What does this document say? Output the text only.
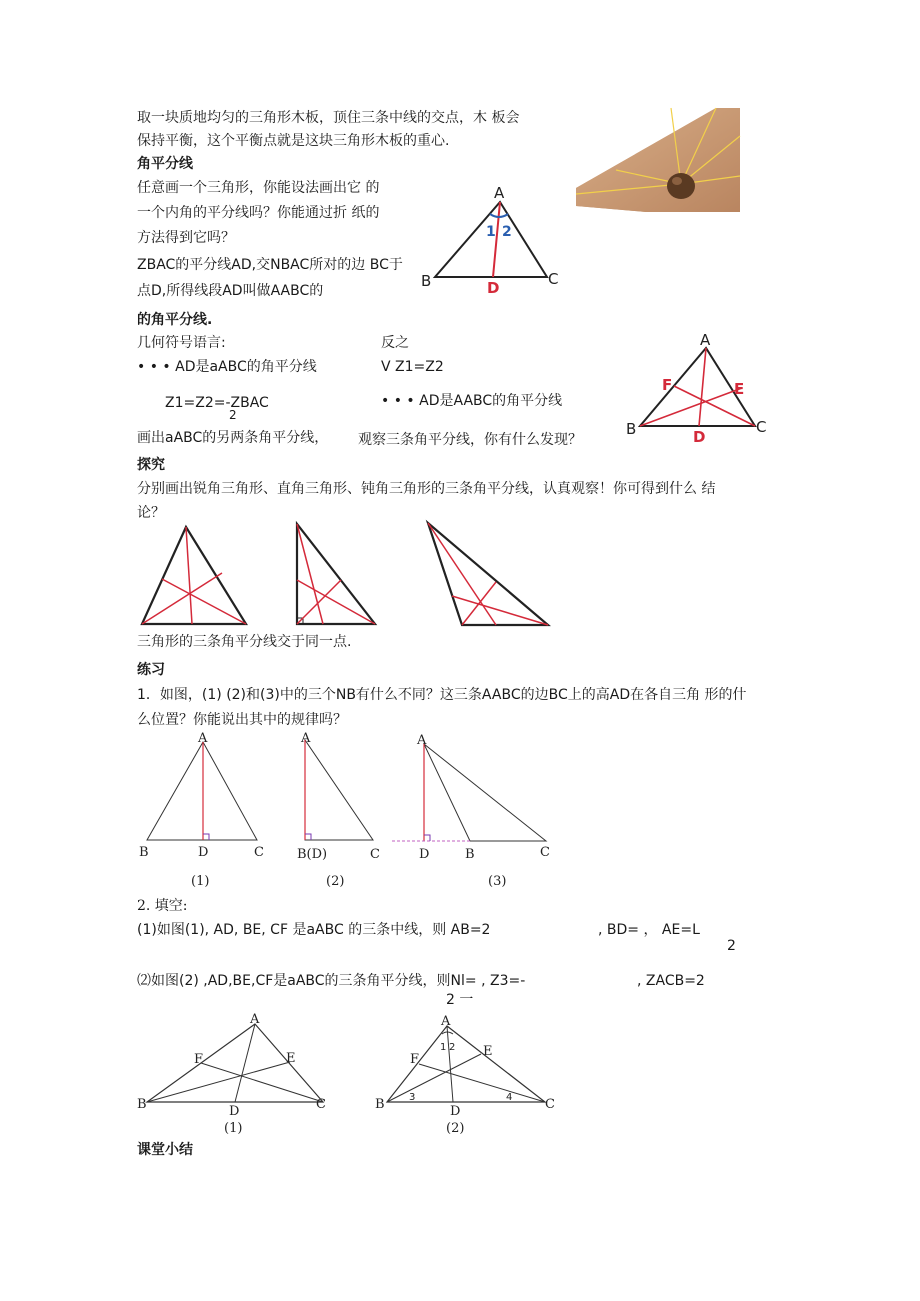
取一块质地均匀的三角形木板，顶住三条中线的交点，木 板会
保持平衡，这个平衡点就是这块三角形木板的重心.
角平分线
任意画一个三角形，你能设法画出它 的
一个内角的平分线吗？你能通过折 纸的
方法得到它吗？
ZBAC的平分线AD,交NBAC所对的边 BC于
点D,所得线段AD叫做AABC的
的角平分线.
A
B	C
D
1 2
几何符号语言:
• • • AD是aABC的角平分线
Z1=Z2=-ZBAC
2
反之
V Z1=Z2
• • • AD是AABC的角平分线
画出aABC的另两条角平分线， 观察三条角平分线，你有什么发现？
A
B	C
D
E
F
探究
分别画出锐角三角形、直角三角形、钝角三角形的三条角平分线，认真观察！你可得到什么 结
论？
三角形的三条角平分线交于同一点.
练习
1．如图，(1) (2)和(3)中的三个NB有什么不同？这三条AABC的边BC上的高AD在各自三角 形的什
么位置？你能说出其中的规律吗？
A
B	D	C
(1)
A
B(D)	C
(2)
A
D	B	C
(3)
2. 填空:
(1)如图(1), AD, BE, CF 是aABC 的三条中线，则 AB=2	, BD= ， AE=L
2
⑵如图(2) ,AD,BE,CF是aABC的三条角平分线，则Nl= , Z3=-	, ZACB=2
2 一
A
B	C
D
E
F
(1)
A
B	C
D
E
F
1 2
3	4
(2)
课堂小结
